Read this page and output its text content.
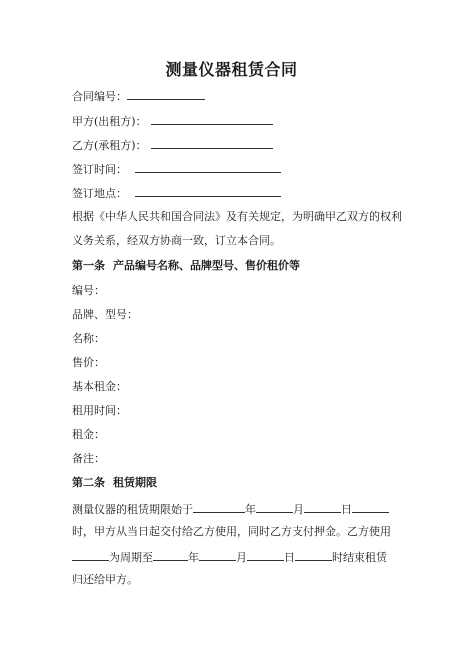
测量仪器租赁合同
合同编号：
甲方(出租方)：
乙方(承租方)：
签订时间：
签订地点：
根据《中华人民共和国合同法》及有关规定，为明确甲乙双方的权利
义务关系，经双方协商一致，订立本合同。
第一条 产品编号名称、品牌型号、售价租价等
编号：
品牌、型号：
名称：
售价：
基本租金：
租用时间：
租金：
备注：
第二条 租赁期限
测量仪器的租赁期限始于	年	月	日
时，甲方从当日起交付给乙方使用，同时乙方支付押金。乙方使用
为周期至	年	月	日	时结束租赁
归还给甲方。
